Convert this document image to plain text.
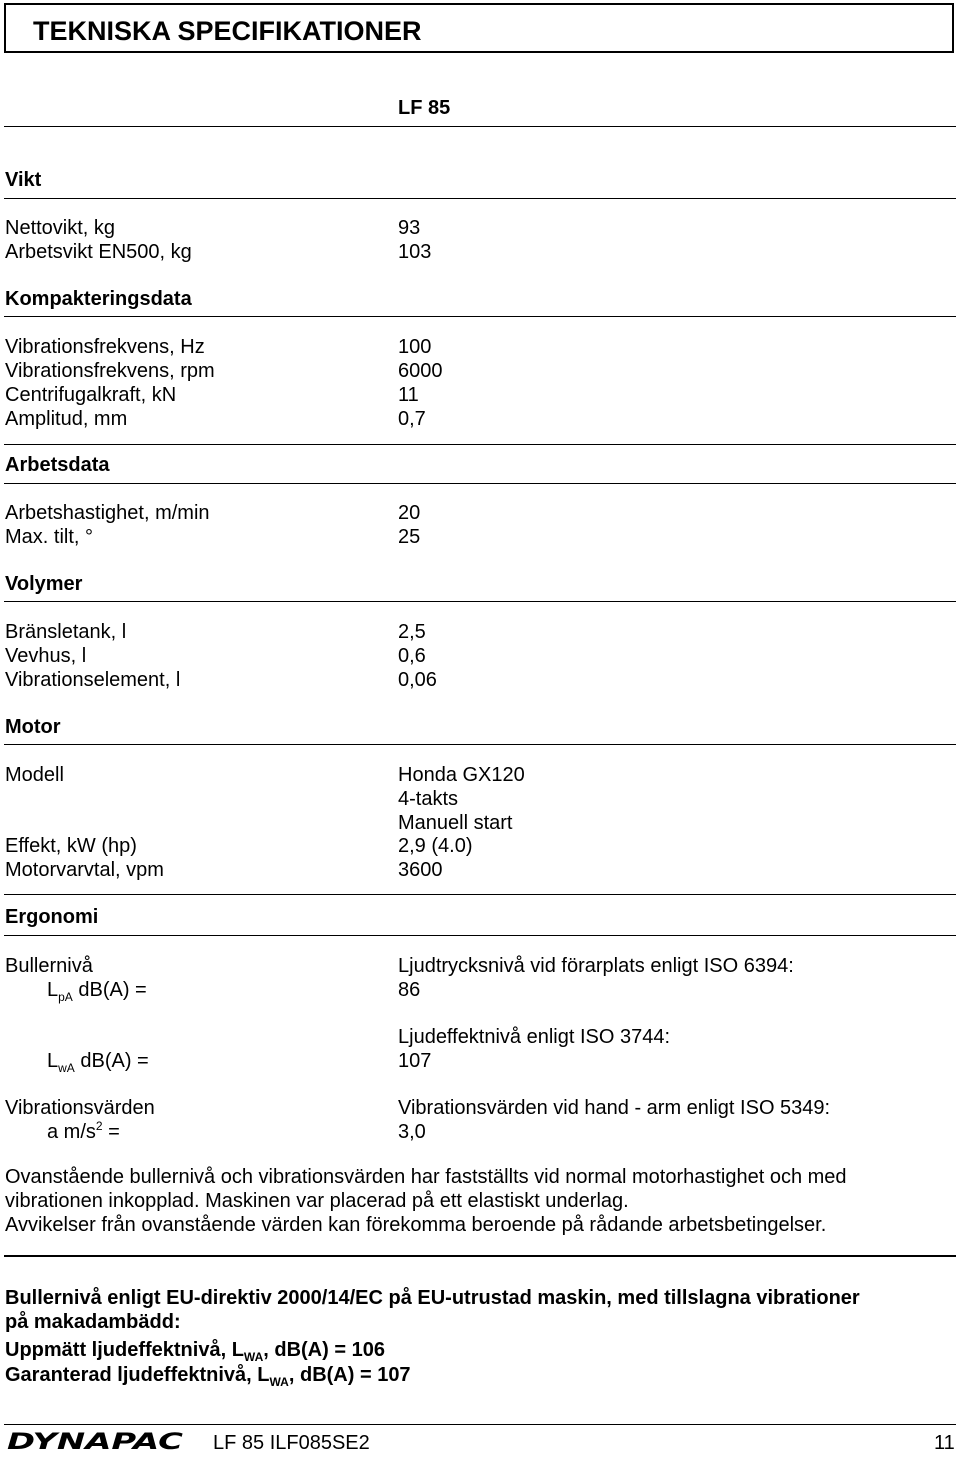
TEKNISKA SPECIFIKATIONER
LF 85
Vikt
Nettovikt, kg	93
Arbetsvikt EN500, kg	103
Kompakteringsdata
Vibrationsfrekvens, Hz	100
Vibrationsfrekvens, rpm	6000
Centrifugalkraft, kN	11
Amplitud, mm	0,7
Arbetsdata
Arbetshastighet, m/min	20
Max. tilt, °	25
Volymer
Bränsletank, l	2,5
Vevhus, l	0,6
Vibrationselement, l	0,06
Motor
Modell	Honda GX120
4-takts
Manuell start
Effekt, kW (hp)	2,9 (4.0)
Motorvarvtal, vpm	3600
Ergonomi
Bullernivå	Ljudtrycksnivå vid förarplats enligt ISO 6394:
$L_{pA}$ dB(A) =	86
Ljudeffektnivå enligt ISO 3744:
$L_{wA}$ dB(A) =	107
Vibrationsvärden	Vibrationsvärden vid hand - arm enligt ISO 5349:
a $m/s^2$ =	3,0
Ovanstående bullernivå och vibrationsvärden har fastställts vid normal motorhastighet och med
vibrationen inkopplad. Maskinen var placerad på ett elastiskt underlag.
Avvikelser från ovanstående värden kan förekomma beroende på rådande arbetsbetingelser.
Bullernivå enligt EU-direktiv 2000/14/EC på EU-utrustad maskin, med tillslagna vibrationer
på makadambädd:
Uppmätt ljudeffektnivå, $L_{WA}$, dB(A) = 106
Garanterad ljudeffektnivå, $L_{WA}$, dB(A) = 107
DYNAPAC LF 85 ILF085SE2	11
